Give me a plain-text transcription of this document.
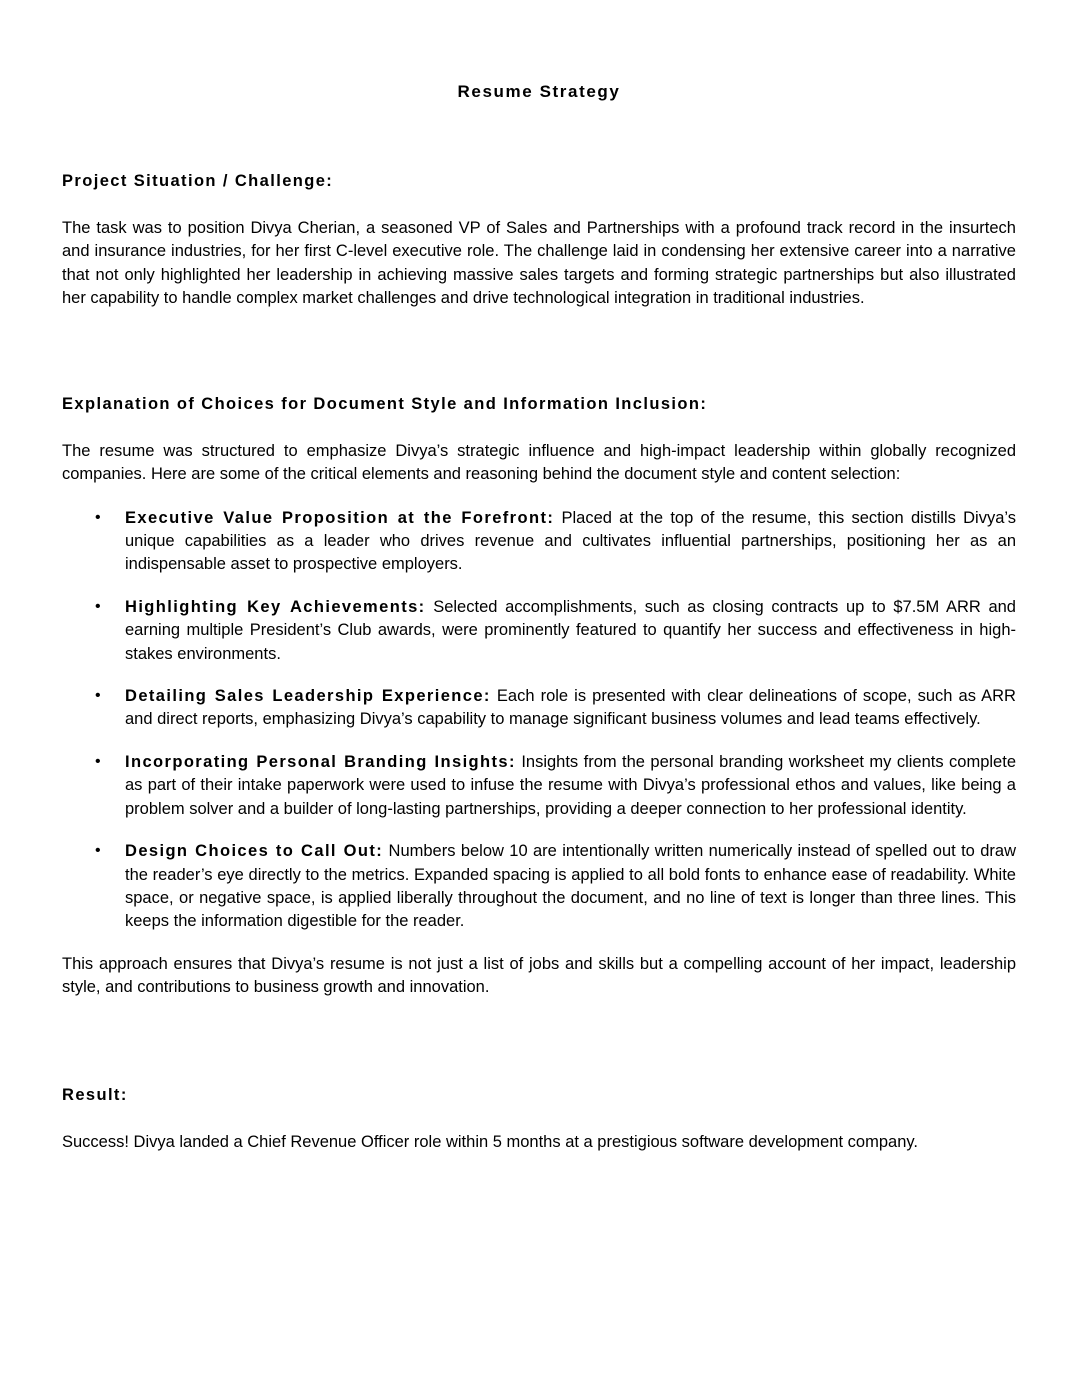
Resume Strategy
Project Situation / Challenge:

The task was to position Divya Cherian, a seasoned VP of Sales and Partnerships with a profound track record in the insurtech and insurance industries, for her first C-level executive role. The challenge laid in condensing her extensive career into a narrative that not only highlighted her leadership in achieving massive sales targets and forming strategic partnerships but also illustrated her capability to handle complex market challenges and drive technological integration in traditional industries.

Explanation of Choices for Document Style and Information Inclusion:

The resume was structured to emphasize Divya’s strategic influence and high-impact leadership within globally recognized companies. Here are some of the critical elements and reasoning behind the document style and content selection:

• Executive Value Proposition at the Forefront: Placed at the top of the resume, this section distills Divya’s unique capabilities as a leader who drives revenue and cultivates influential partnerships, positioning her as an indispensable asset to prospective employers.
• Highlighting Key Achievements: Selected accomplishments, such as closing contracts up to $7.5M ARR and earning multiple President’s Club awards, were prominently featured to quantify her success and effectiveness in high-stakes environments.
• Detailing Sales Leadership Experience: Each role is presented with clear delineations of scope, such as ARR and direct reports, emphasizing Divya’s capability to manage significant business volumes and lead teams effectively.
• Incorporating Personal Branding Insights: Insights from the personal branding worksheet my clients complete as part of their intake paperwork were used to infuse the resume with Divya’s professional ethos and values, like being a problem solver and a builder of long-lasting partnerships, providing a deeper connection to her professional identity.
• Design Choices to Call Out: Numbers below 10 are intentionally written numerically instead of spelled out to draw the reader’s eye directly to the metrics. Expanded spacing is applied to all bold fonts to enhance ease of readability. White space, or negative space, is applied liberally throughout the document, and no line of text is longer than three lines. This keeps the information digestible for the reader.

This approach ensures that Divya’s resume is not just a list of jobs and skills but a compelling account of her impact, leadership style, and contributions to business growth and innovation.

Result:

Success! Divya landed a Chief Revenue Officer role within 5 months at a prestigious software development company.
